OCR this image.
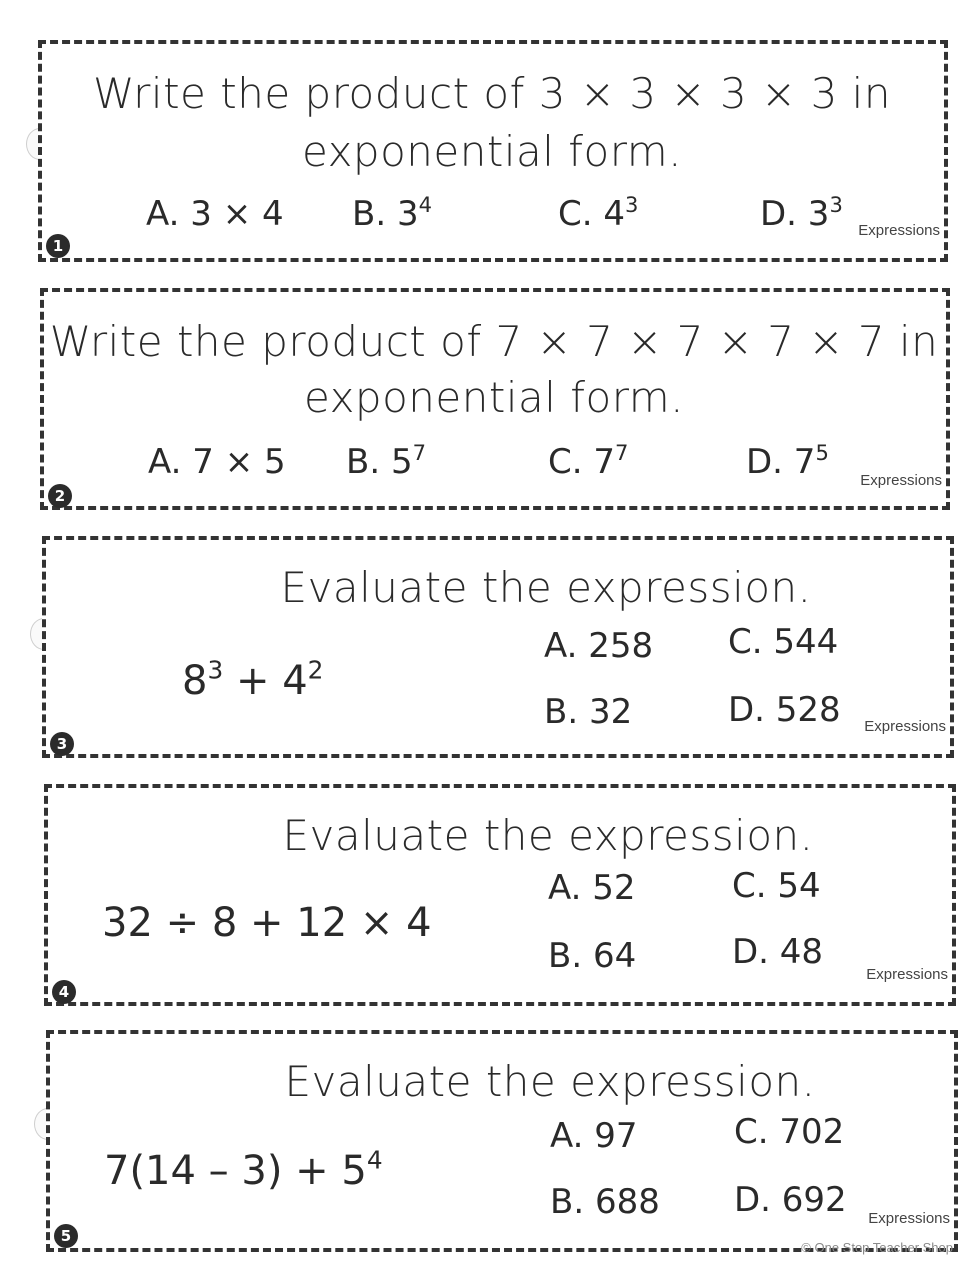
Write the product of 3 × 3 × 3 × 3 in
exponential form.
A. 3 × 4 B. $3^4$	C. $4^3$	D. $3^3$
Expressions
1
Write the product of 7 × 7 × 7 × 7 × 7 in
exponential form.
A. 7 × 5 B. $5^7$	C. $7^7$	D. $7^5$
Expressions
2
Evaluate the expression.
$8^3 + 4^2$
A. 258
B. 32
C. 544
D. 528 Expressions
3
Evaluate the expression.
32 ÷ 8 + 12 × 4
A. 52
B. 64
C. 54
D. 48
Expressions
4
Evaluate the expression.
$7(14 - 3) + 5^4$
A. 97
B. 688
C. 702
D. 692 Expressions
5
© One Stop Teacher Shop
